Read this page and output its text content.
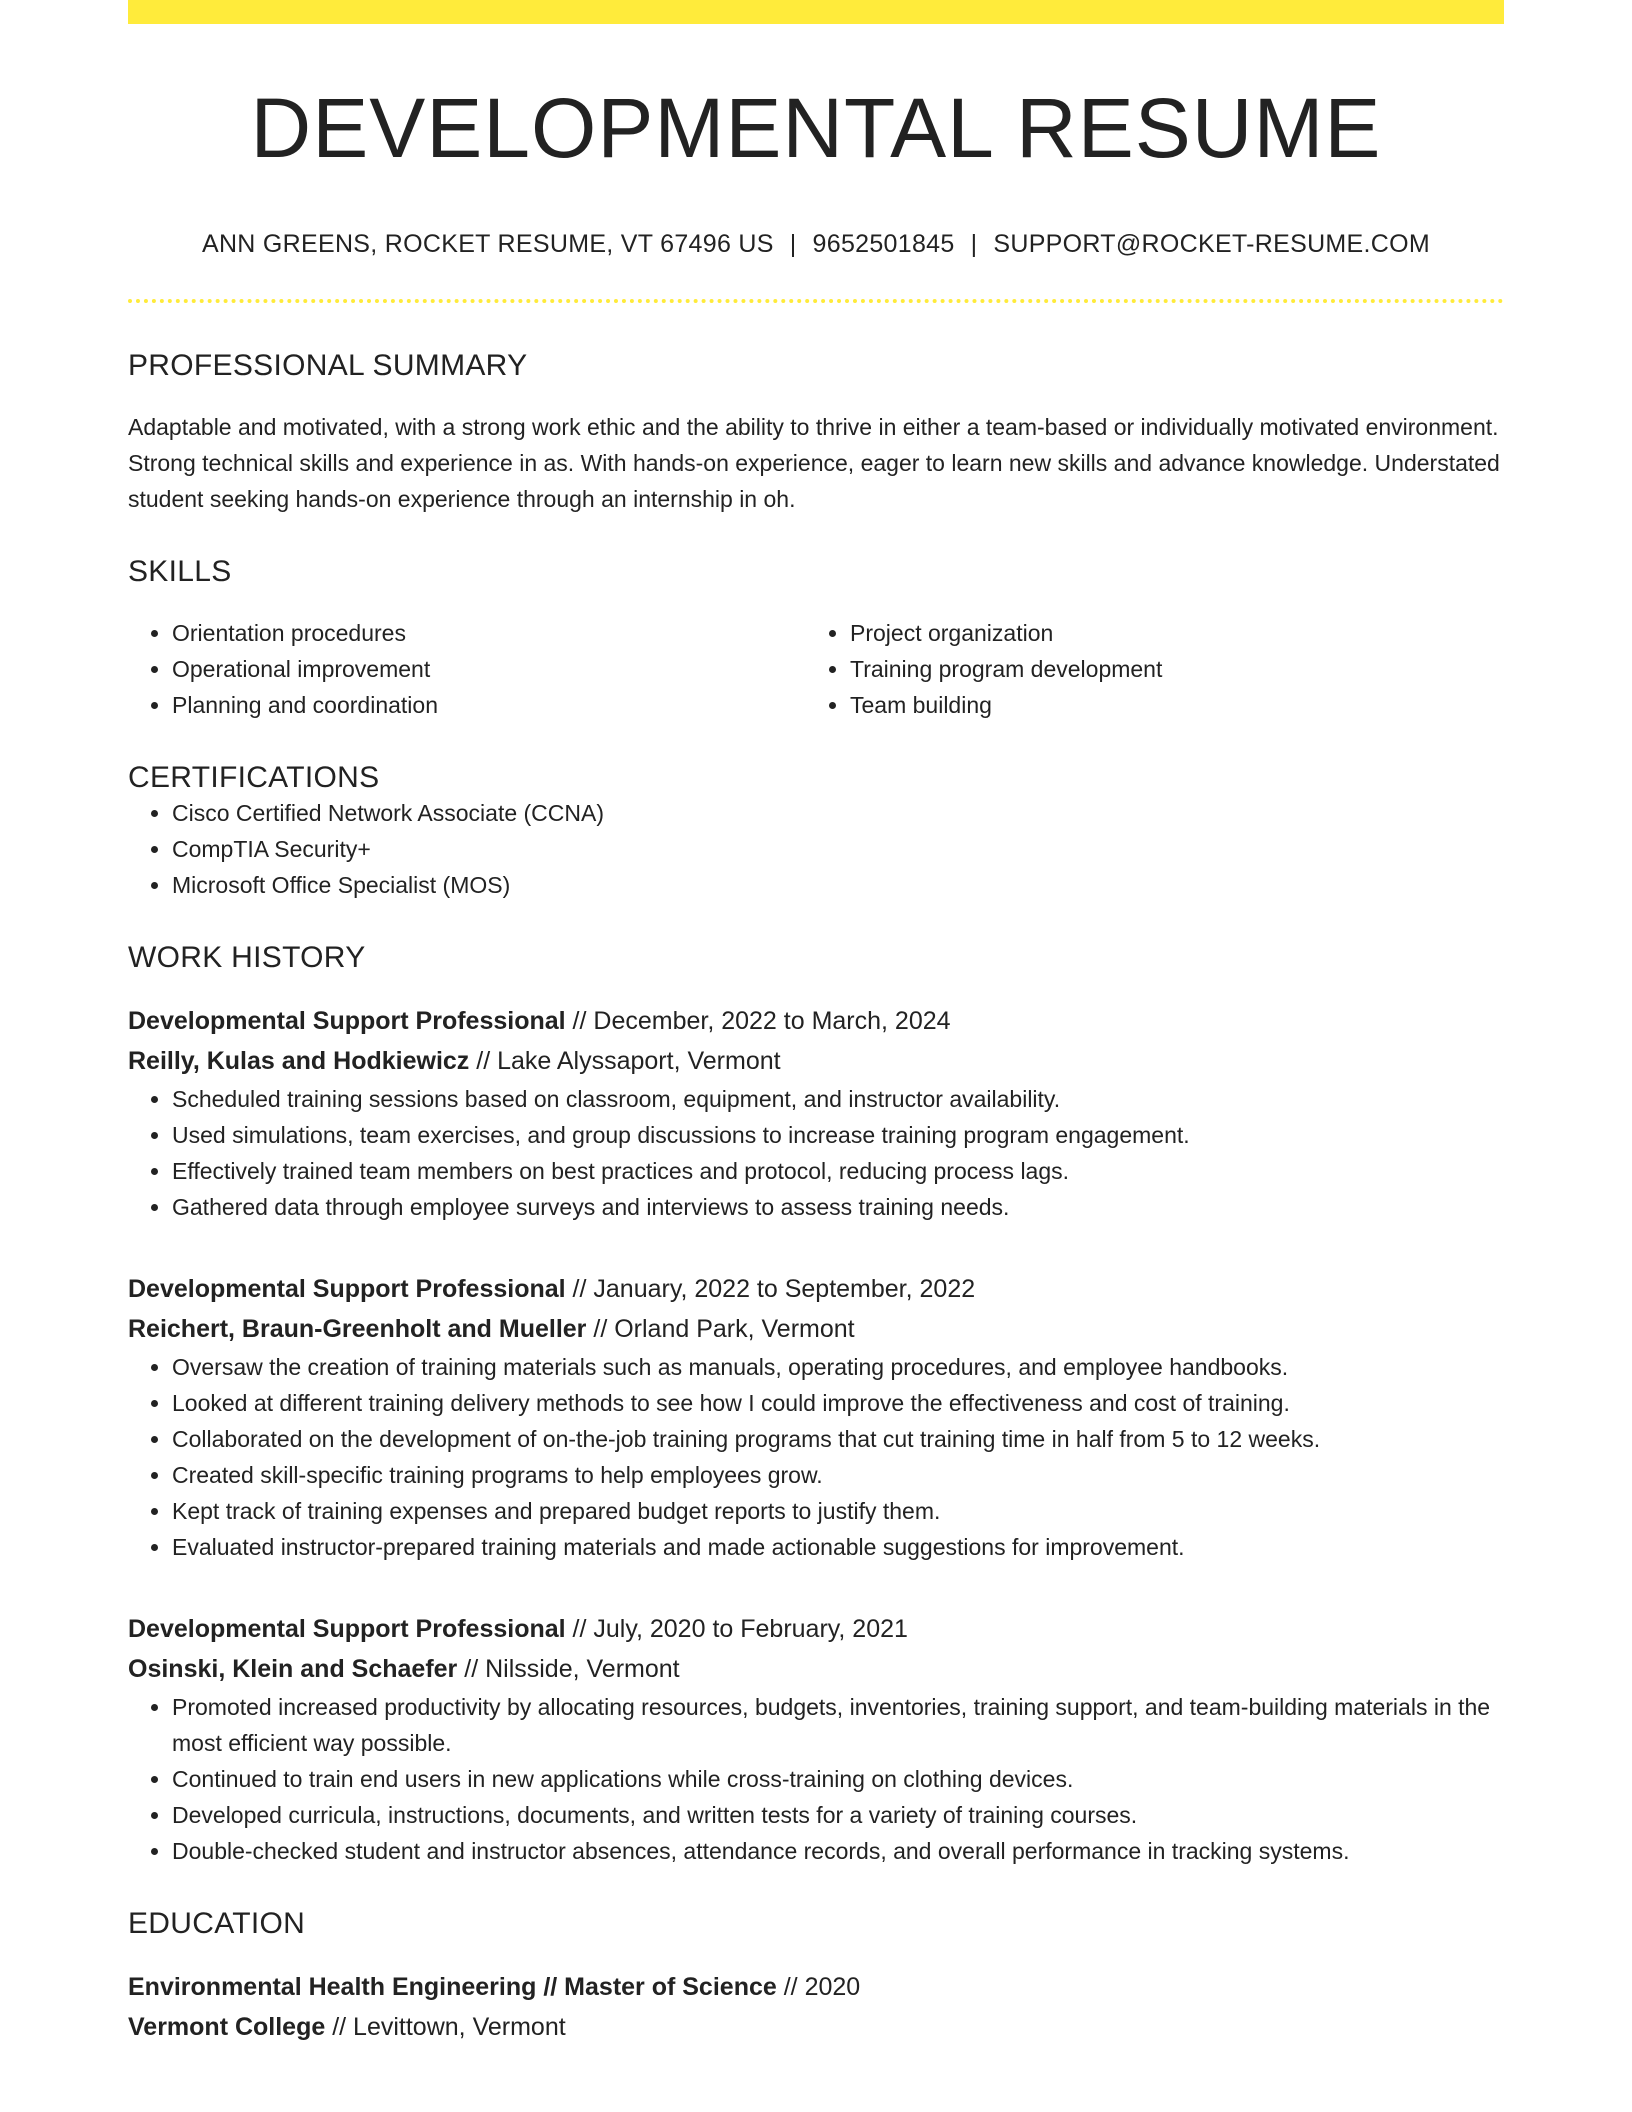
DEVELOPMENTAL RESUME
ANN GREENS, ROCKET RESUME, VT 67496 US | 9652501845 | SUPPORT@ROCKET-RESUME.COM
PROFESSIONAL SUMMARY
Adaptable and motivated, with a strong work ethic and the ability to thrive in either a team-based or individually motivated environment. Strong technical skills and experience in as. With hands-on experience, eager to learn new skills and advance knowledge. Understated student seeking hands-on experience through an internship in oh.
SKILLS
• Orientation procedures
• Operational improvement
• Planning and coordination
• Project organization
• Training program development
• Team building
CERTIFICATIONS
• Cisco Certified Network Associate (CCNA)
• CompTIA Security+
• Microsoft Office Specialist (MOS)
WORK HISTORY
Developmental Support Professional // December, 2022 to March, 2024
Reilly, Kulas and Hodkiewicz // Lake Alyssaport, Vermont
• Scheduled training sessions based on classroom, equipment, and instructor availability.
• Used simulations, team exercises, and group discussions to increase training program engagement.
• Effectively trained team members on best practices and protocol, reducing process lags.
• Gathered data through employee surveys and interviews to assess training needs.
Developmental Support Professional // January, 2022 to September, 2022
Reichert, Braun-Greenholt and Mueller // Orland Park, Vermont
• Oversaw the creation of training materials such as manuals, operating procedures, and employee handbooks.
• Looked at different training delivery methods to see how I could improve the effectiveness and cost of training.
• Collaborated on the development of on-the-job training programs that cut training time in half from 5 to 12 weeks.
• Created skill-specific training programs to help employees grow.
• Kept track of training expenses and prepared budget reports to justify them.
• Evaluated instructor-prepared training materials and made actionable suggestions for improvement.
Developmental Support Professional // July, 2020 to February, 2021
Osinski, Klein and Schaefer // Nilsside, Vermont
• Promoted increased productivity by allocating resources, budgets, inventories, training support, and team-building materials in the most efficient way possible.
• Continued to train end users in new applications while cross-training on clothing devices.
• Developed curricula, instructions, documents, and written tests for a variety of training courses.
• Double-checked student and instructor absences, attendance records, and overall performance in tracking systems.
EDUCATION
Environmental Health Engineering // Master of Science // 2020
Vermont College // Levittown, Vermont
